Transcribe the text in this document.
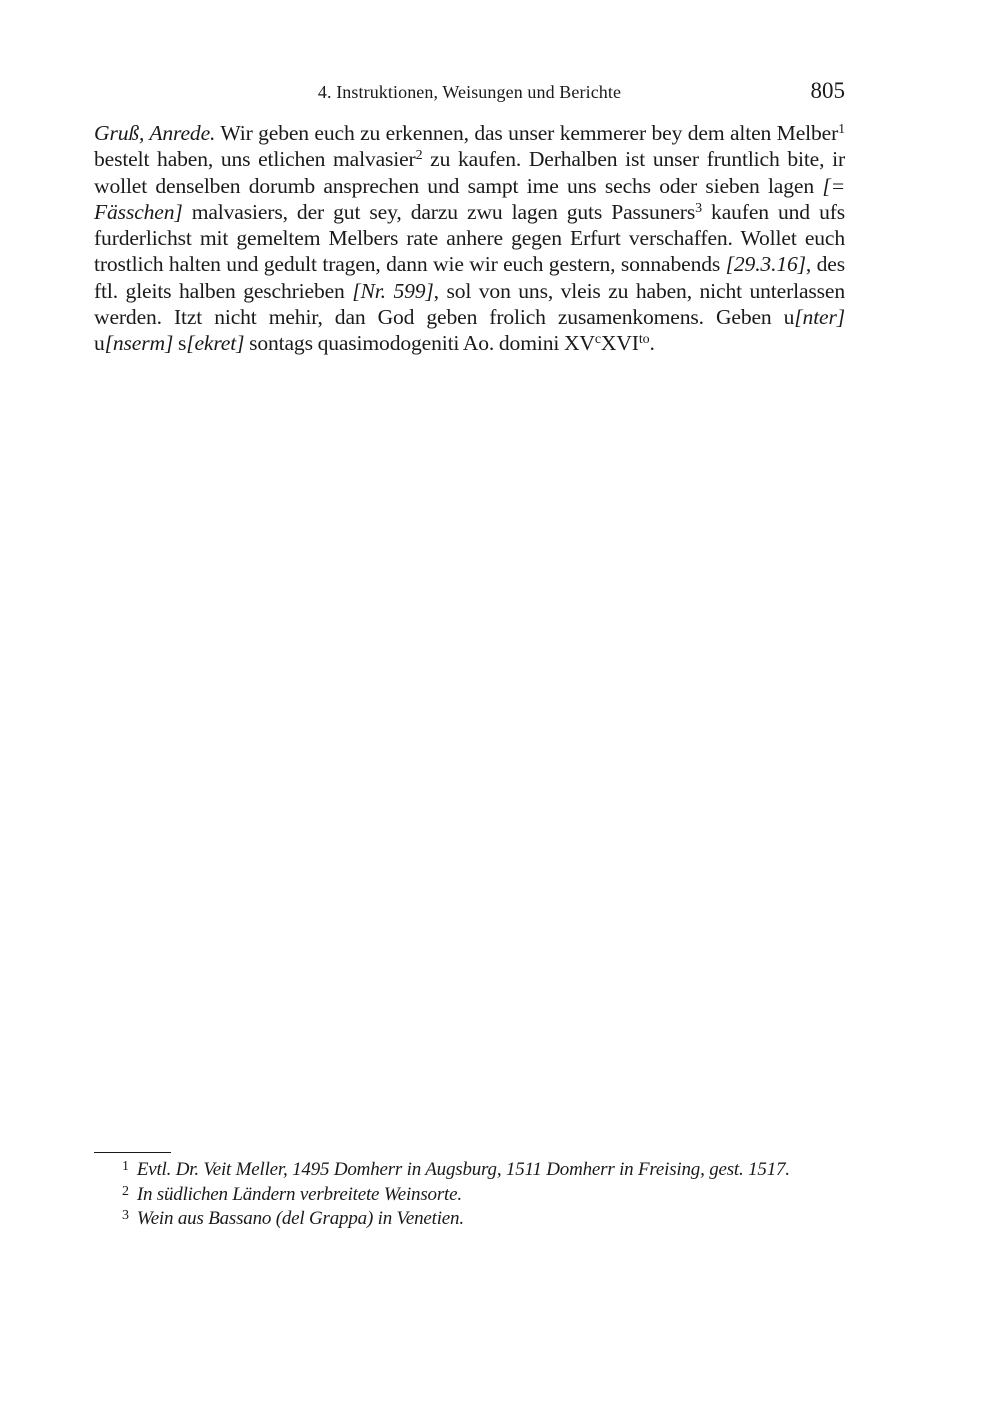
4. Instruktionen, Weisungen und Berichte	805

Gruß, Anrede. Wir geben euch zu erkennen, das unser kemmerer bey dem alten Melber$^1$ bestelt haben, uns etlichen malvasier$^2$ zu kaufen. Derhalben ist unser fruntlich bite, ir wollet denselben dorumb ansprechen und sampt ime uns sechs oder sieben lagen [= Fässchen] malvasiers, der gut sey, darzu zwu lagen guts Passuners$^3$ kaufen und ufs furderlichst mit gemeltem Melbers rate anhere gegen Erfurt verschaffen. Wollet euch trostlich halten und gedult tragen, dann wie wir euch gestern, sonnabends [29.3.16], des ftl. gleits halben geschrieben [Nr. 599], sol von uns, vleis zu haben, nicht unterlassen werden. Itzt nicht mehir, dan God geben frolich zusamenkomens. Geben u[nter] u[nserm] s[ekret] sontags quasimodogeniti Ao. domini $XV^cXVI^{to}$.

$^1$ Evtl. Dr. Veit Meller, 1495 Domherr in Augsburg, 1511 Domherr in Freising, gest. 1517.

$^2$ In südlichen Ländern verbreitete Weinsorte.

$^3$ Wein aus Bassano (del Grappa) in Venetien.
